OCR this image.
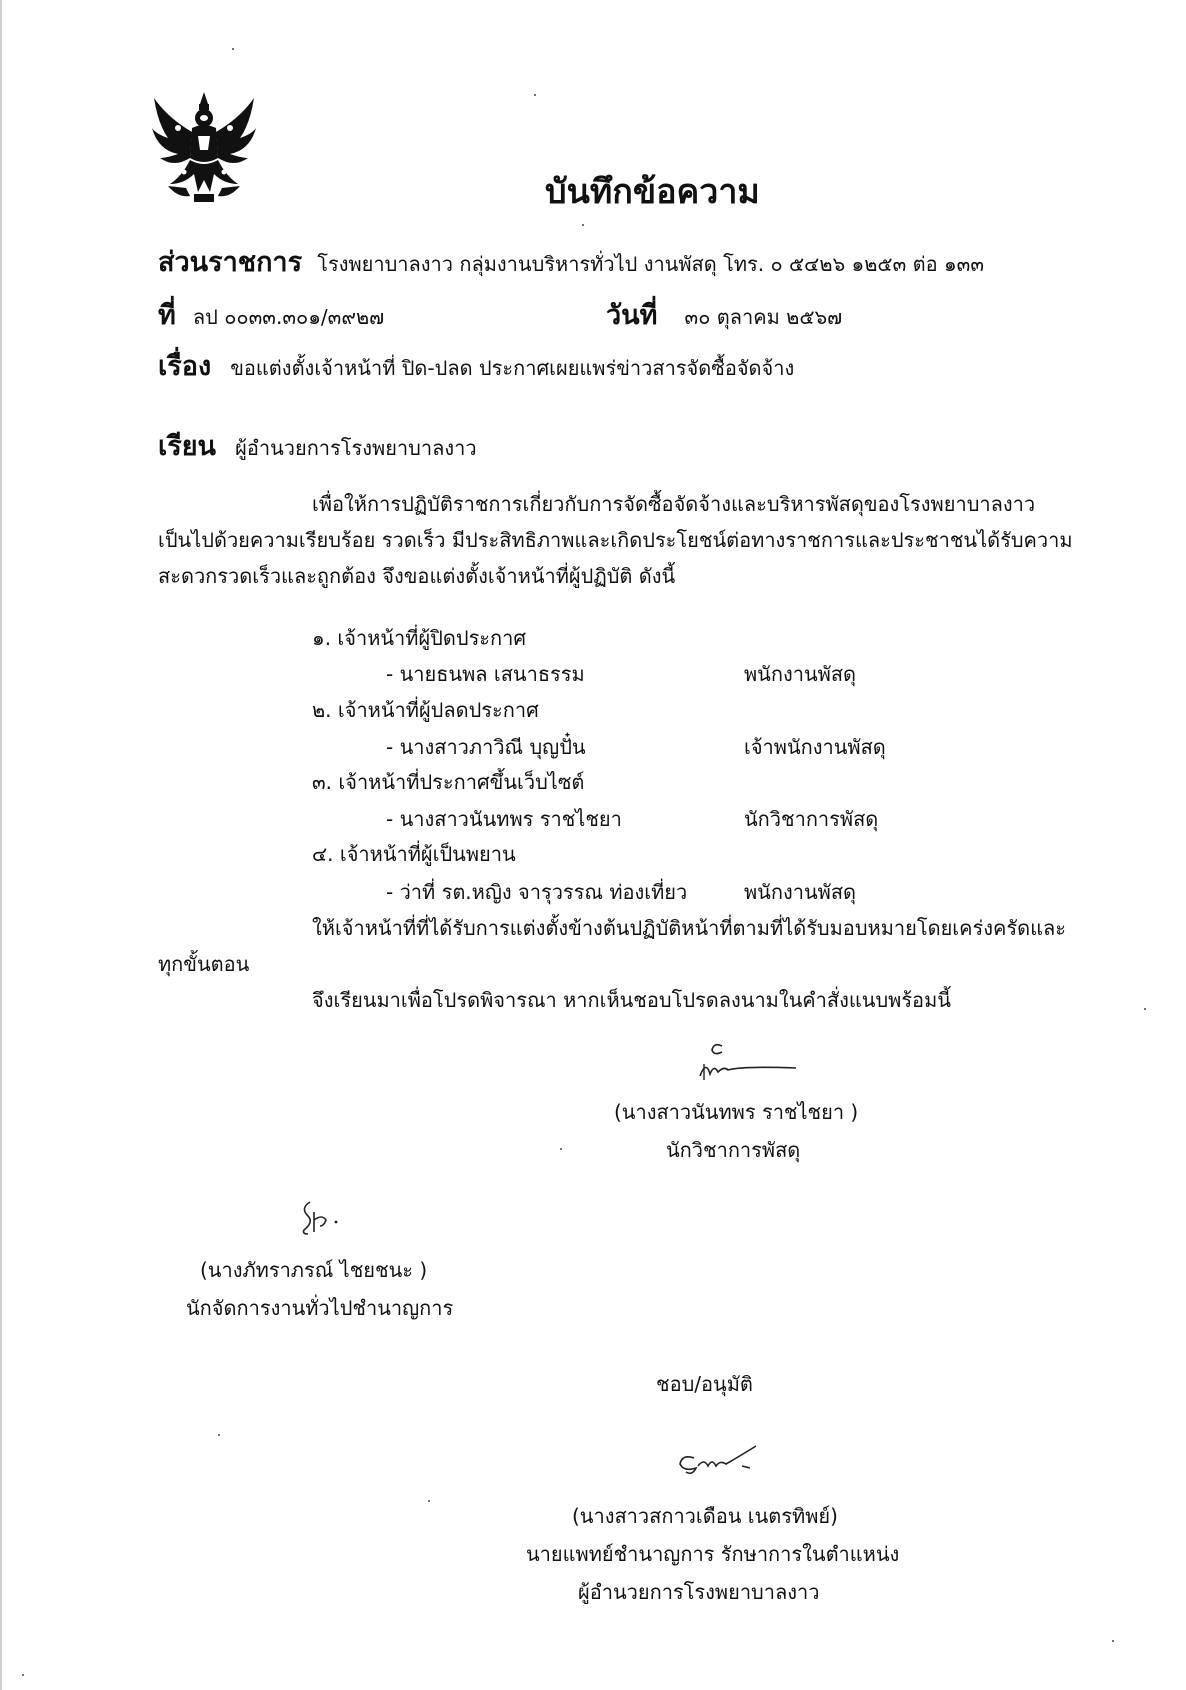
บันทึกข้อความ
ส่วนราชการ โรงพยาบาลงาว กลุ่มงานบริหารทั่วไป งานพัสดุ โทร. ๐ ๕๔๒๖ ๑๒๕๓ ต่อ ๑๓๓
ที่ ลป ๐๐๓๓.๓๐๑/๓๙๒๗	วันที่ ๓๐ ตุลาคม ๒๕๖๗
เรื่อง ขอแต่งตั้งเจ้าหน้าที่ ปิด-ปลด ประกาศเผยแพร่ข่าวสารจัดซื้อจัดจ้าง
เรียน ผู้อำนวยการโรงพยาบาลงาว
เพื่อให้การปฏิบัติราชการเกี่ยวกับการจัดซื้อจัดจ้างและบริหารพัสดุของโรงพยาบาลงาว
เป็นไปด้วยความเรียบร้อย รวดเร็ว มีประสิทธิภาพและเกิดประโยชน์ต่อทางราชการและประชาชนได้รับความ
สะดวกรวดเร็วและถูกต้อง จึงขอแต่งตั้งเจ้าหน้าที่ผู้ปฏิบัติ ดังนี้
๑. เจ้าหน้าที่ผู้ปิดประกาศ
- นายธนพล เสนาธรรม	พนักงานพัสดุ
๒. เจ้าหน้าที่ผู้ปลดประกาศ
- นางสาวภาวิณี บุญปั๋น	เจ้าพนักงานพัสดุ
๓. เจ้าหน้าที่ประกาศขึ้นเว็บไซต์
- นางสาวนันทพร ราชไชยา	นักวิชาการพัสดุ
๔. เจ้าหน้าที่ผู้เป็นพยาน
- ว่าที่ รต.หญิง จารุวรรณ ท่องเที่ยว	พนักงานพัสดุ
ให้เจ้าหน้าที่ที่ได้รับการแต่งตั้งข้างต้นปฏิบัติหน้าที่ตามที่ได้รับมอบหมายโดยเคร่งครัดและ
ทุกขั้นตอน
จึงเรียนมาเพื่อโปรดพิจารณา หากเห็นชอบโปรดลงนามในคำสั่งแนบพร้อมนี้
(นางสาวนันทพร ราชไชยา )
นักวิชาการพัสดุ
(นางภัทราภรณ์ ไชยชนะ )
นักจัดการงานทั่วไปชำนาญการ
ชอบ/อนุมัติ
(นางสาวสกาวเดือน เนตรทิพย์)
นายแพทย์ชำนาญการ รักษาการในตำแหน่ง
ผู้อำนวยการโรงพยาบาลงาว
